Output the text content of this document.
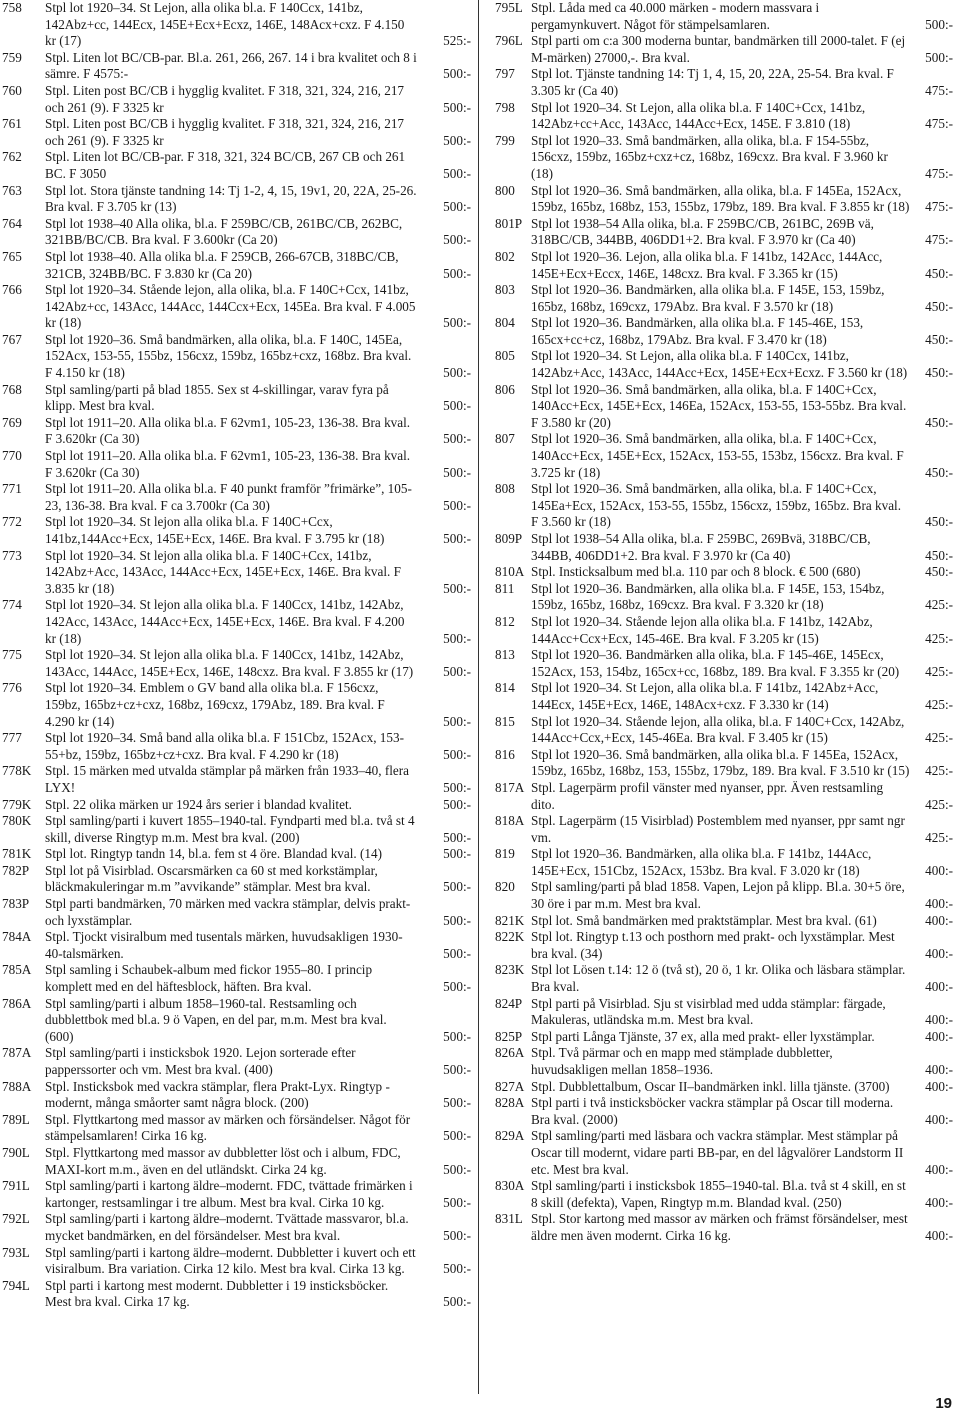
758	Stpl lot 1920–34. St Lejon, alla olika bl.a. F 140Ccx, 141bz, 142Abz+cc, 144Ecx, 145E+Ecx+Ecxz, 146E, 148Acx+cxz. F 4.150 kr (17)	525:-
759	Stpl. Liten lot BC/CB-par. Bl.a. 261, 266, 267. 14 i bra kvalitet och 8 i sämre. F 4575:-	500:-
760	Stpl. Liten post BC/CB i hygglig kvalitet. F 318, 321, 324, 216, 217 och 261 (9). F 3325 kr	500:-
761	Stpl. Liten post BC/CB i hygglig kvalitet. F 318, 321, 324, 216, 217 och 261 (9). F 3325 kr	500:-
762	Stpl. Liten lot BC/CB-par. F 318, 321, 324 BC/CB, 267 CB och 261 BC. F 3050	500:-
763	Stpl lot. Stora tjänste tandning 14: Tj 1-2, 4, 15, 19v1, 20, 22A, 25-26. Bra kval. F 3.705 kr (13)	500:-
764	Stpl lot 1938–40 Alla olika, bl.a. F 259BC/CB, 261BC/CB, 262BC, 321BB/BC/CB. Bra kval. F 3.600kr (Ca 20)	500:-
765	Stpl lot 1938–40. Alla olika bl.a. F 259CB, 266-67CB, 318BC/CB, 321CB, 324BB/BC. F 3.830 kr (Ca 20)	500:-
766	Stpl lot 1920–34. Stående lejon, alla olika, bl.a. F 140C+Ccx, 141bz, 142Abz+cc, 143Acc, 144Acc, 144Ccx+Ecx, 145Ea. Bra kval. F 4.005 kr (18)	500:-
767	Stpl lot 1920–36. Små bandmärken, alla olika, bl.a. F 140C, 145Ea, 152Acx, 153-55, 155bz, 156cxz, 159bz, 165bz+cxz, 168bz. Bra kval. F 4.150 kr (18)	500:-
768	Stpl samling/parti på blad 1855. Sex st 4-skillingar, varav fyra på klipp. Mest bra kval.	500:-
769	Stpl lot 1911–20. Alla olika bl.a. F 62vm1, 105-23, 136-38. Bra kval. F 3.620kr (Ca 30)	500:-
770	Stpl lot 1911–20. Alla olika bl.a. F 62vm1, 105-23, 136-38. Bra kval. F 3.620kr (Ca 30)	500:-
771	Stpl lot 1911–20. Alla olika bl.a. F 40 punkt framför ”frimärke”, 105-23, 136-38. Bra kval. F ca 3.700kr (Ca 30)	500:-
772	Stpl lot 1920–34. St lejon alla olika bl.a. F 140C+Ccx, 141bz,144Acc+Ecx, 145E+Ecx, 146E. Bra kval. F 3.795 kr (18)	500:-
773	Stpl lot 1920–34. St lejon alla olika bl.a. F 140C+Ccx, 141bz, 142Abz+Acc, 143Acc, 144Acc+Ecx, 145E+Ecx, 146E. Bra kval. F 3.835 kr (18)	500:-
774	Stpl lot 1920–34. St lejon alla olika bl.a. F 140Ccx, 141bz, 142Abz, 142Acc, 143Acc, 144Acc+Ecx, 145E+Ecx, 146E. Bra kval. F 4.200 kr (18)	500:-
775	Stpl lot 1920–34. St lejon alla olika bl.a. F 140Ccx, 141bz, 142Abz, 143Acc, 144Acc, 145E+Ecx, 146E, 148cxz. Bra kval. F 3.855 kr (17)	500:-
776	Stpl lot 1920–34. Emblem o GV band alla olika bl.a. F 156cxz, 159bz, 165bz+cz+cxz, 168bz, 169cxz, 179Abz, 189. Bra kval. F 4.290 kr (14)	500:-
777	Stpl lot 1920–34. Små band alla olika bl.a. F 151Cbz, 152Acx, 153-55+bz, 159bz, 165bz+cz+cxz. Bra kval. F 4.290 kr (18)	500:-
778K	Stpl. 15 märken med utvalda stämplar på märken från 1933–40, flera LYX!	500:-
779K	Stpl. 22 olika märken ur 1924 års serier i blandad kvalitet.	500:-
780K	Stpl samling/parti i kuvert 1855–1940-tal. Fyndparti med bl.a. två st 4 skill, diverse Ringtyp m.m. Mest bra kval. (200)	500:-
781K	Stpl lot. Ringtyp tandn 14, bl.a. fem st 4 öre. Blandad kval. (14)	500:-
782P	Stpl lot på Visirblad. Oscarsmärken ca 60 st med korkstämplar, bläckmakuleringar m.m ”avvikande” stämplar. Mest bra kval.	500:-
783P	Stpl parti bandmärken, 70 märken med vackra stämplar, delvis prakt- och lyxstämplar.	500:-
784A	Stpl. Tjockt visiralbum med tusentals märken, huvudsakligen 1930-40-talsmärken.	500:-
785A	Stpl samling i Schaubek-album med fickor 1955–80. I princip komplett med en del häftesblock, häften. Bra kval.	500:-
786A	Stpl samling/parti i album 1858–1960-tal. Restsamling och dubblettbok med bl.a. 9 ö Vapen, en del par, m.m. Mest bra kval. (600)	500:-
787A	Stpl samling/parti i insticksbok 1920. Lejon sorterade efter papperssorter och vm. Mest bra kval. (400)	500:-
788A	Stpl. Insticksbok med vackra stämplar, flera Prakt-Lyx. Ringtyp - modernt, många småorter samt några block. (200)	500:-
789L	Stpl. Flyttkartong med massor av märken och försändelser. Något för stämpelsamlaren! Cirka 16 kg.	500:-
790L	Stpl. Flyttkartong med massor av dubbletter löst och i album, FDC, MAXI-kort m.m., även en del utländskt. Cirka 24 kg.	500:-
791L	Stpl samling/parti i kartong äldre–modernt. FDC, tvättade frimärken i kartonger, restsamlingar i tre album. Mest bra kval. Cirka 10 kg.	500:-
792L	Stpl samling/parti i kartong äldre–modernt. Tvättade massvaror, bl.a. mycket bandmärken, en del försändelser. Mest bra kval.	500:-
793L	Stpl samling/parti i kartong äldre–modernt. Dubbletter i kuvert och ett visiralbum. Bra variation. Cirka 12 kilo. Mest bra kval. Cirka 13 kg.	500:-
794L	Stpl parti i kartong mest modernt. Dubbletter i 19 insticksböcker. Mest bra kval. Cirka 17 kg.	500:-
795L Stpl. Låda med ca 40.000 märken - modern massvara i pergamynkuvert. Något för stämpelsamlaren.	500:-
796L Stpl parti om c:a 300 moderna buntar, bandmärken till 2000-talet. F (ej M-märken) 27000,-. Bra kval.	500:-
797	Stpl lot. Tjänste tandning 14: Tj 1, 4, 15, 20, 22A, 25-54. Bra kval. F 3.305 kr (Ca 40)	475:-
798	Stpl lot 1920–34. St Lejon, alla olika bl.a. F 140C+Ccx, 141bz, 142Abz+cc+Acc, 143Acc, 144Acc+Ecx, 145E. F 3.810 (18)	475:-
799	Stpl lot 1920–33. Små bandmärken, alla olika, bl.a. F 154-55bz, 156cxz, 159bz, 165bz+cxz+cz, 168bz, 169cxz. Bra kval. F 3.960 kr (18)	475:-
800	Stpl lot 1920–36. Små bandmärken, alla olika, bl.a. F 145Ea, 152Acx, 159bz, 165bz, 168bz, 153, 155bz, 179bz, 189. Bra kval. F 3.855 kr (18)	475:-
801P Stpl lot 1938–54 Alla olika, bl.a. F 259BC/CB, 261BC, 269B vä, 318BC/CB, 344BB, 406DD1+2. Bra kval. F 3.970 kr (Ca 40)	475:-
802	Stpl lot 1920–36. Lejon, alla olika bl.a. F 141bz, 142Acc, 144Acc, 145E+Ecx+Eccx, 146E, 148cxz. Bra kval. F 3.365 kr (15)	450:-
803	Stpl lot 1920–36. Bandmärken, alla olika bl.a. F 145E, 153, 159bz, 165bz, 168bz, 169cxz, 179Abz. Bra kval. F 3.570 kr (18)	450:-
804	Stpl lot 1920–36. Bandmärken, alla olika bl.a. F 145-46E, 153, 165cx+cc+cz, 168bz, 179Abz. Bra kval. F 3.470 kr (18)	450:-
805	Stpl lot 1920–34. St Lejon, alla olika bl.a. F 140Ccx, 141bz, 142Abz+Acc, 143Acc, 144Acc+Ecx, 145E+Ecx+Ecxz. F 3.560 kr (18)	450:-
806	Stpl lot 1920–36. Små bandmärken, alla olika, bl.a. F 140C+Ccx, 140Acc+Ecx, 145E+Ecx, 146Ea, 152Acx, 153-55, 153-55bz. Bra kval. F 3.580 kr (20)	450:-
807	Stpl lot 1920–36. Små bandmärken, alla olika, bl.a. F 140C+Ccx, 140Acc+Ecx, 145E+Ecx, 152Acx, 153-55, 153bz, 156cxz. Bra kval. F 3.725 kr (18)	450:-
808	Stpl lot 1920–36. Små bandmärken, alla olika, bl.a. F 140C+Ccx, 145Ea+Ecx, 152Acx, 153-55, 155bz, 156cxz, 159bz, 165bz. Bra kval. F 3.560 kr (18)	450:-
809P Stpl lot 1938–54 Alla olika, bl.a. F 259BC, 269Bvä, 318BC/CB, 344BB, 406DD1+2. Bra kval. F 3.970 kr (Ca 40)	450:-
810A Stpl. Insticksalbum med bl.a. 110 par och 8 block. € 500 (680)	450:-
811	Stpl lot 1920–36. Bandmärken, alla olika bl.a. F 145E, 153, 154bz, 159bz, 165bz, 168bz, 169cxz. Bra kval. F 3.320 kr (18)	425:-
812	Stpl lot 1920–34. Stående lejon alla olika bl.a. F 141bz, 142Abz, 144Acc+Ccx+Ecx, 145-46E. Bra kval. F 3.205 kr (15)	425:-
813	Stpl lot 1920–36. Bandmärken alla olika, bl.a. F 145-46E, 145Ecx, 152Acx, 153, 154bz, 165cx+cc, 168bz, 189. Bra kval. F 3.355 kr (20)	425:-
814	Stpl lot 1920–34. St Lejon, alla olika bl.a. F 141bz, 142Abz+Acc, 144Ecx, 145E+Ecx, 146E, 148Acx+cxz. F 3.330 kr (14)	425:-
815	Stpl lot 1920–34. Stående lejon, alla olika, bl.a. F 140C+Ccx, 142Abz, 144Acc+Ccx,+Ecx, 145-46Ea. Bra kval. F 3.405 kr (15)	425:-
816	Stpl lot 1920–36. Små bandmärken, alla olika bl.a. F 145Ea, 152Acx, 159bz, 165bz, 168bz, 153, 155bz, 179bz, 189. Bra kval. F 3.510 kr (15)	425:-
817A Stpl. Lagerpärm profil vänster med nyanser, ppr. Även restsamling dito.	425:-
818A Stpl. Lagerpärm (15 Visirblad) Postemblem med nyanser, ppr samt ngr vm.	425:-
819	Stpl lot 1920–36. Bandmärken, alla olika bl.a. F 141bz, 144Acc, 145E+Ecx, 151Cbz, 152Acx, 153bz. Bra kval. F 3.020 kr (18)	400:-
820	Stpl samling/parti på blad 1858. Vapen, Lejon på klipp. Bl.a. 30+5 öre, 30 öre i par m.m. Mest bra kval.	400:-
821K Stpl lot. Små bandmärken med praktstämplar. Mest bra kval. (61)	400:-
822K Stpl lot. Ringtyp t.13 och posthorn med prakt- och lyxstämplar. Mest bra kval. (34)	400:-
823K Stpl lot Lösen t.14: 12 ö (två st), 20 ö, 1 kr. Olika och läsbara stämplar. Bra kval.	400:-
824P Stpl parti på Visirblad. Sju st visirblad med udda stämplar: färgade, Makuleras, utländska m.m. Mest bra kval.	400:-
825P Stpl parti Långa Tjänste, 37 ex, alla med prakt- eller lyxstämplar.	400:-
826A Stpl. Två pärmar och en mapp med stämplade dubbletter, huvudsakligen mellan 1858–1936.	400:-
827A Stpl. Dubblettalbum, Oscar II–bandmärken inkl. lilla tjänste. (3700)	400:-
828A Stpl parti i två insticksböcker vackra stämplar på Oscar till moderna. Bra kval. (2000)	400:-
829A Stpl samling/parti med läsbara och vackra stämplar. Mest stämplar på Oscar till modernt, vidare parti BB-par, en del lågvalörer Landstorm II etc. Mest bra kval.	400:-
830A Stpl samling/parti i insticksbok 1855–1940-tal. Bl.a. två st 4 skill, en st 8 skill (defekta), Vapen, Ringtyp m.m. Blandad kval. (250)	400:-
831L Stpl. Stor kartong med massor av märken och främst försändelser, mest äldre men även modernt. Cirka 16 kg.	400:-
19
